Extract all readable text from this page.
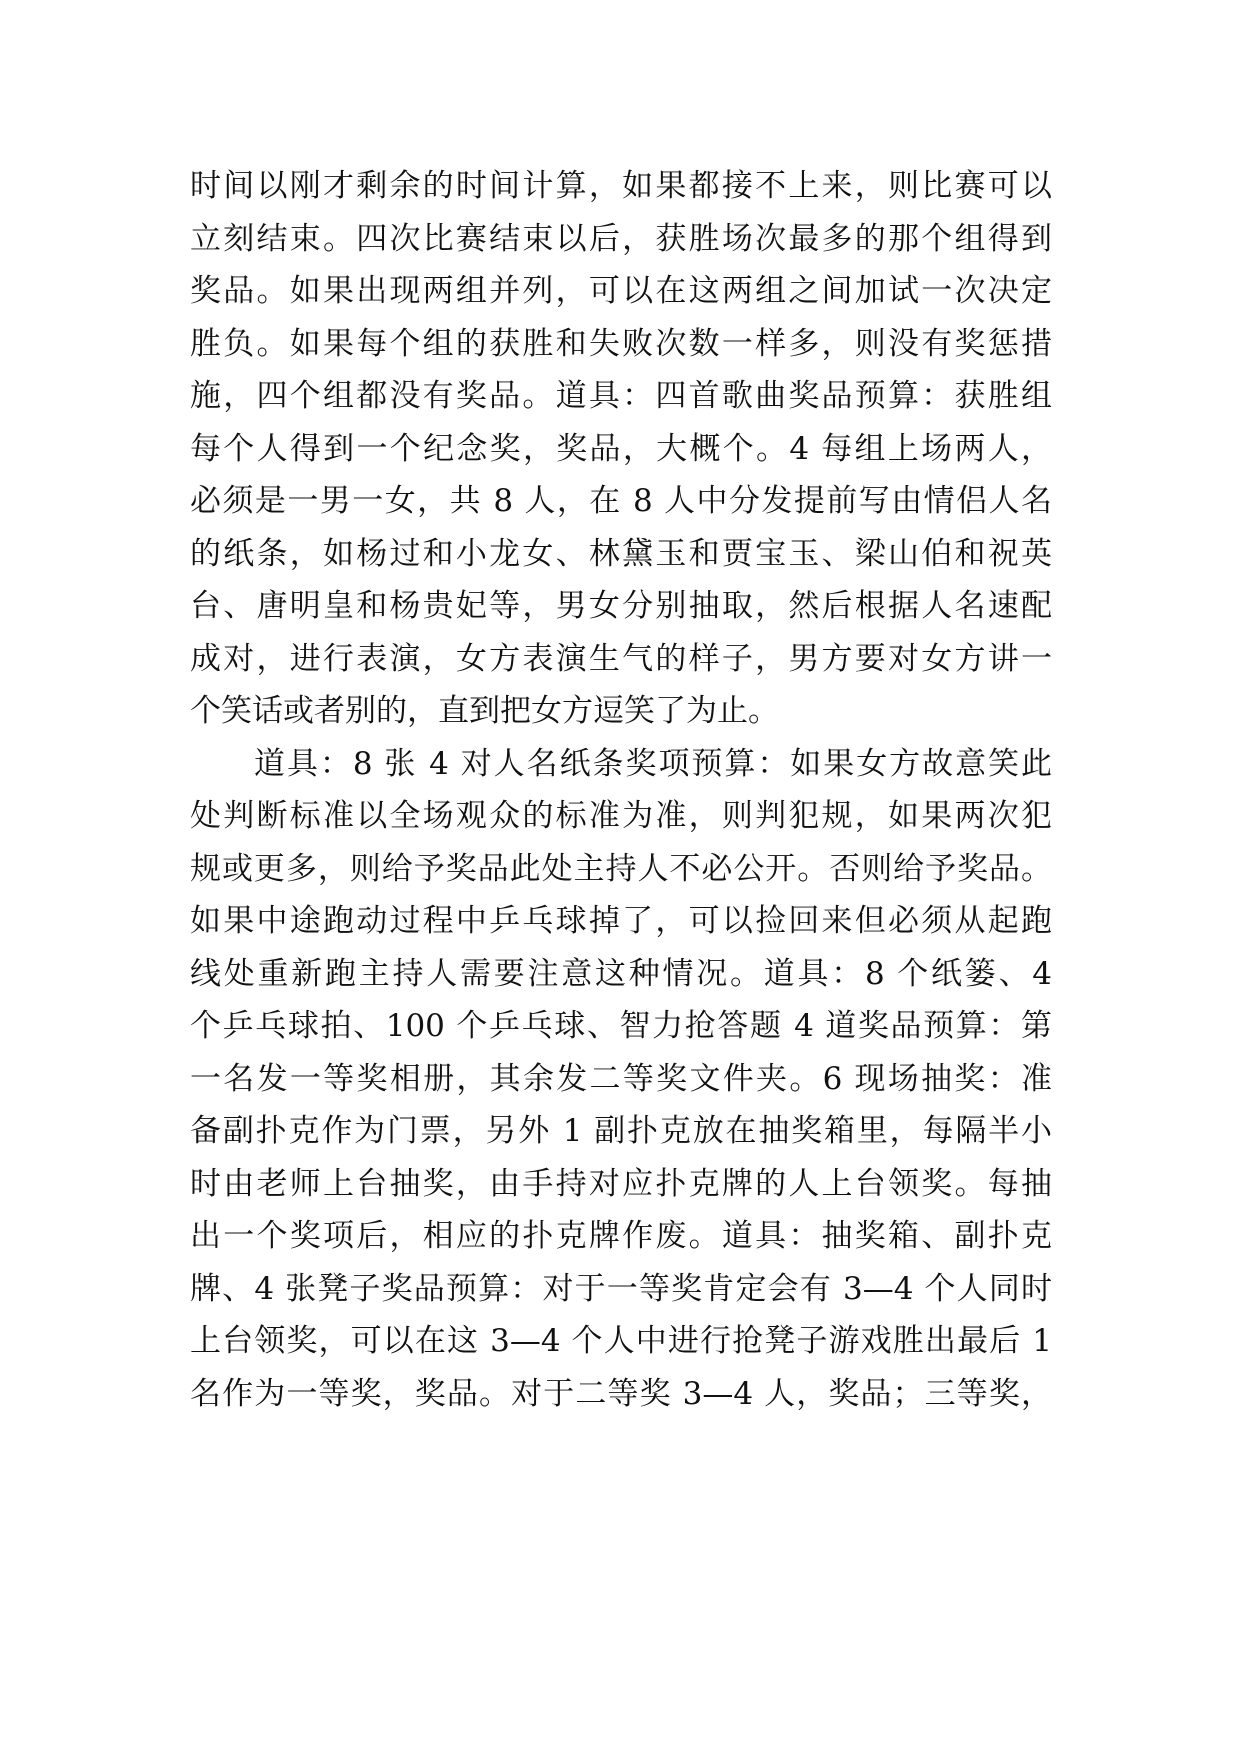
时间以刚才剩余的时间计算，如果都接不上来，则比赛可以
立刻结束。四次比赛结束以后，获胜场次最多的那个组得到
奖品。如果出现两组并列，可以在这两组之间加试一次决定
胜负。如果每个组的获胜和失败次数一样多，则没有奖惩措
施，四个组都没有奖品。道具：四首歌曲奖品预算：获胜组
每个人得到一个纪念奖，奖品，大概个。4 每组上场两人，
必须是一男一女，共 8 人，在 8 人中分发提前写由情侣人名
的纸条，如杨过和小龙女、林黛玉和贾宝玉、梁山伯和祝英
台、唐明皇和杨贵妃等，男女分别抽取，然后根据人名速配
成对，进行表演，女方表演生气的样子，男方要对女方讲一
个笑话或者别的，直到把女方逗笑了为止。
道具：8 张 4 对人名纸条奖项预算：如果女方故意笑此
处判断标准以全场观众的标准为准，则判犯规，如果两次犯
规或更多，则给予奖品此处主持人不必公开。否则给予奖品。
如果中途跑动过程中乒乓球掉了，可以捡回来但必须从起跑
线处重新跑主持人需要注意这种情况。道具：8 个纸篓、4
个乒乓球拍、100 个乒乓球、智力抢答题 4 道奖品预算：第
一名发一等奖相册，其余发二等奖文件夹。6 现场抽奖：准
备副扑克作为门票，另外 1 副扑克放在抽奖箱里，每隔半小
时由老师上台抽奖，由手持对应扑克牌的人上台领奖。每抽
出一个奖项后，相应的扑克牌作废。道具：抽奖箱、副扑克
牌、4 张凳子奖品预算：对于一等奖肯定会有 3—4 个人同时
上台领奖，可以在这 3—4 个人中进行抢凳子游戏胜出最后 1
名作为一等奖，奖品。对于二等奖 3—4 人，奖品；三等奖，
